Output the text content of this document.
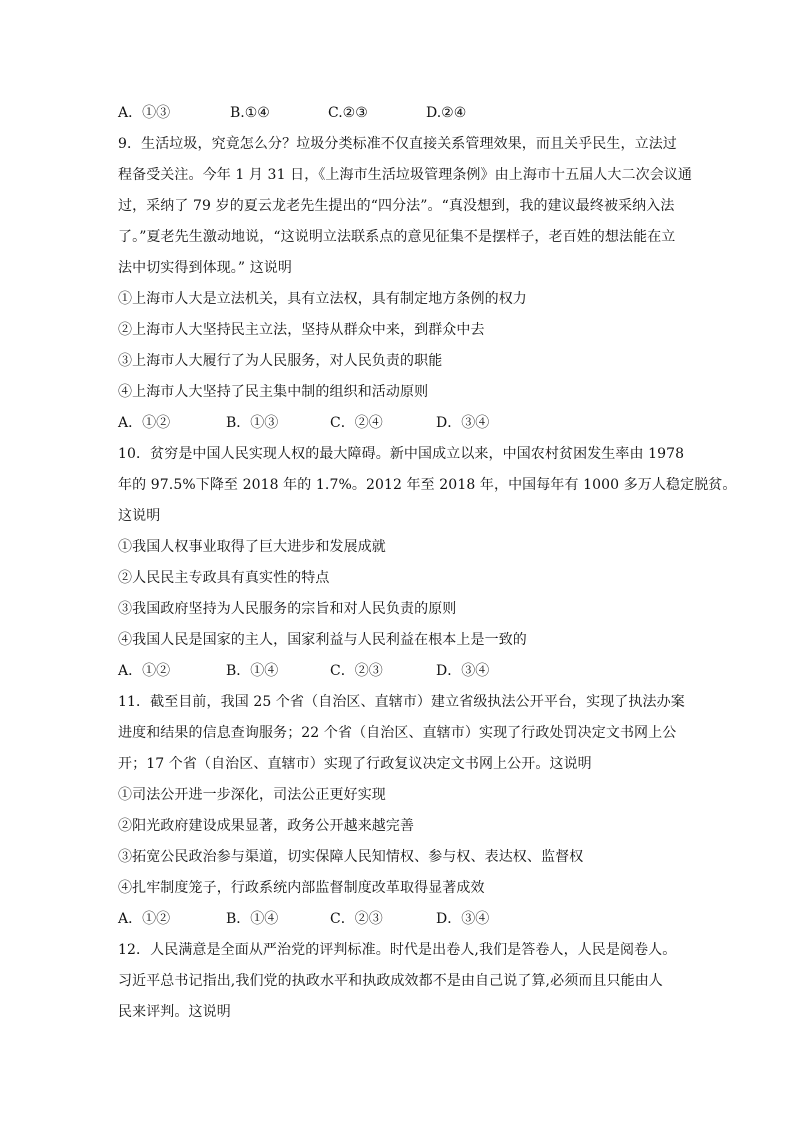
A．①③	B.①④	C.②③	D.②④
9．生活垃圾，究竟怎么分？垃圾分类标准不仅直接关系管理效果，而且关乎民生，立法过
程备受关注。今年 1 月 31 日，《上海市生活垃圾管理条例》由上海市十五届人大二次会议通
过，采纳了 79 岁的夏云龙老先生提出的“四分法”。“真没想到，我的建议最终被采纳入法
了。”夏老先生激动地说，“这说明立法联系点的意见征集不是摆样子，老百姓的想法能在立
法中切实得到体现。” 这说明
①上海市人大是立法机关，具有立法权，具有制定地方条例的权力
②上海市人大坚持民主立法，坚持从群众中来，到群众中去
③上海市人大履行了为人民服务，对人民负责的职能
④上海市人大坚持了民主集中制的组织和活动原则
A．①②	B．①③	C．②④	D．③④
10．贫穷是中国人民实现人权的最大障碍。新中国成立以来，中国农村贫困发生率由 1978
年的 97.5%下降至 2018 年的 1.7%。2012 年至 2018 年，中国每年有 1000 多万人稳定脱贫。
这说明
①我国人权事业取得了巨大进步和发展成就
②人民民主专政具有真实性的特点
③我国政府坚持为人民服务的宗旨和对人民负责的原则
④我国人民是国家的主人，国家利益与人民利益在根本上是一致的
A．①②	B．①④	C．②③	D．③④
11．截至目前，我国 25 个省（自治区、直辖市）建立省级执法公开平台，实现了执法办案
进度和结果的信息查询服务；22 个省（自治区、直辖市）实现了行政处罚决定文书网上公
开；17 个省（自治区、直辖市）实现了行政复议决定文书网上公开。这说明
①司法公开进一步深化，司法公正更好实现
②阳光政府建设成果显著，政务公开越来越完善
③拓宽公民政治参与渠道，切实保障人民知情权、参与权、表达权、监督权
④扎牢制度笼子，行政系统内部监督制度改革取得显著成效
A．①②	B．①④	C．②③	D．③④
12．人民满意是全面从严治党的评判标准。时代是出卷人,我们是答卷人，人民是阅卷人。
习近平总书记指出,我们党的执政水平和执政成效都不是由自己说了算,必须而且只能由人
民来评判。这说明
